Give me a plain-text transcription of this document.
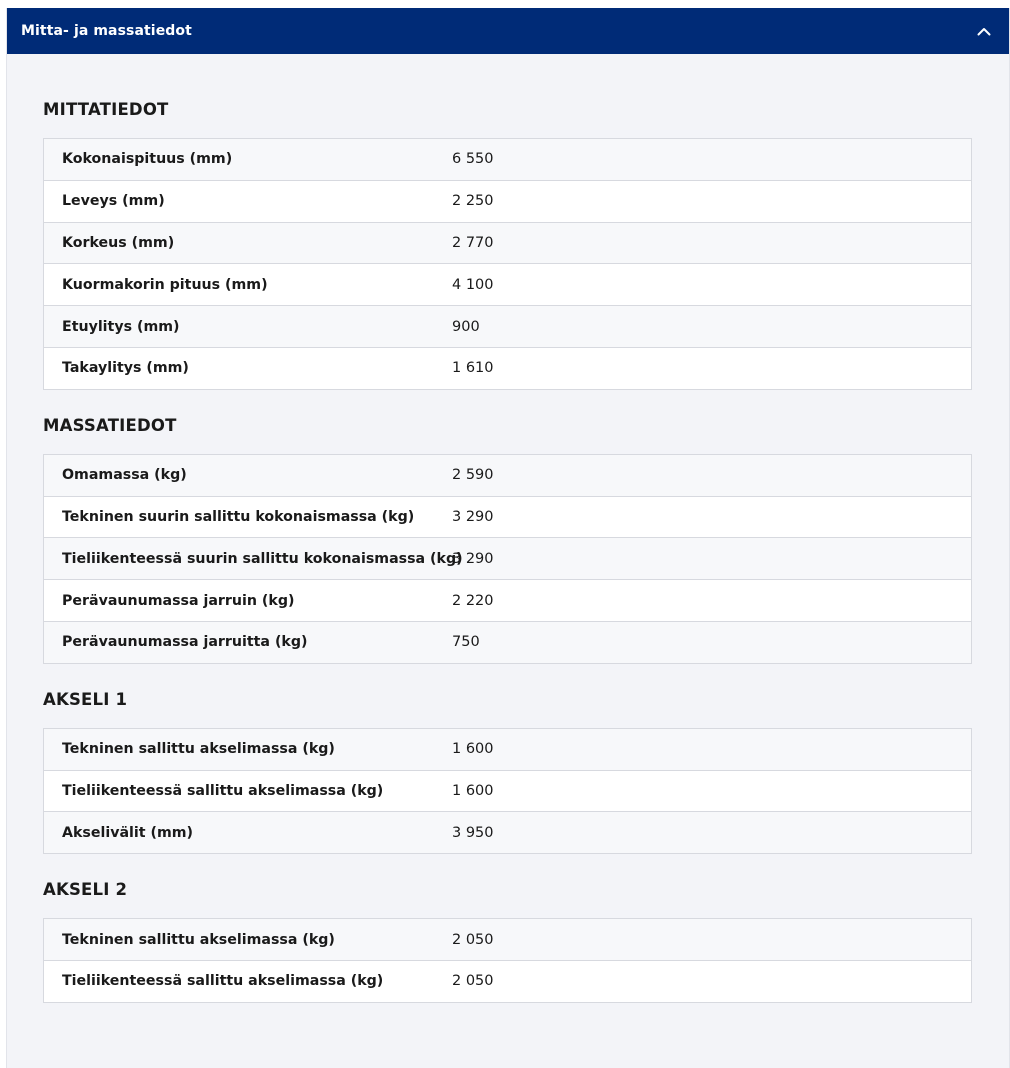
Mitta- ja massatiedot
MITTATIEDOT
Kokonaispituus (mm)	6 550
Leveys (mm)	2 250
Korkeus (mm)	2 770
Kuormakorin pituus (mm)	4 100
Etuylitys (mm)	900
Takaylitys (mm)	1 610
MASSATIEDOT
Omamassa (kg)	2 590
Tekninen suurin sallittu kokonaismassa (kg)	3 290
Tieliikenteessä suurin sallittu kokonaismassa (kg)	3 290
Perävaunumassa jarruin (kg)	2 220
Perävaunumassa jarruitta (kg)	750
AKSELI 1
Tekninen sallittu akselimassa (kg)	1 600
Tieliikenteessä sallittu akselimassa (kg)	1 600
Akselivälit (mm)	3 950
AKSELI 2
Tekninen sallittu akselimassa (kg)	2 050
Tieliikenteessä sallittu akselimassa (kg)	2 050
